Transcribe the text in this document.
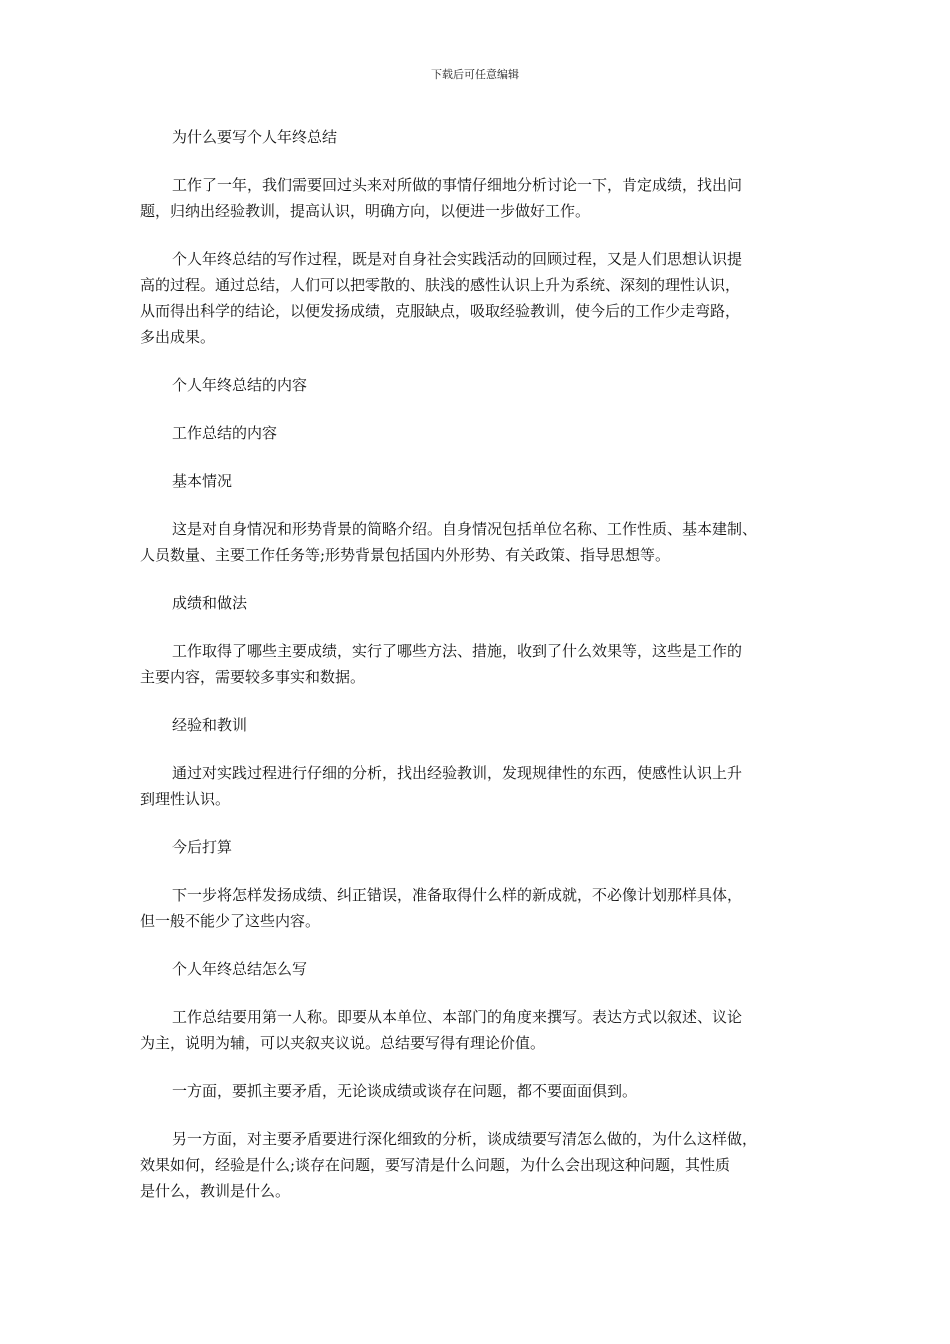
下载后可任意编辑
为什么要写个人年终总结
工作了一年，我们需要回过头来对所做的事情仔细地分析讨论一下，肯定成绩，找出问
题，归纳出经验教训，提高认识，明确方向，以便进一步做好工作。
个人年终总结的写作过程，既是对自身社会实践活动的回顾过程，又是人们思想认识提
高的过程。通过总结，人们可以把零散的、肤浅的感性认识上升为系统、深刻的理性认识，
从而得出科学的结论，以便发扬成绩，克服缺点，吸取经验教训，使今后的工作少走弯路，
多出成果。
个人年终总结的内容
工作总结的内容
基本情况
这是对自身情况和形势背景的简略介绍。自身情况包括单位名称、工作性质、基本建制、
人员数量、主要工作任务等;形势背景包括国内外形势、有关政策、指导思想等。
成绩和做法
工作取得了哪些主要成绩，实行了哪些方法、措施，收到了什么效果等，这些是工作的
主要内容，需要较多事实和数据。
经验和教训
通过对实践过程进行仔细的分析，找出经验教训，发现规律性的东西，使感性认识上升
到理性认识。
今后打算
下一步将怎样发扬成绩、纠正错误，准备取得什么样的新成就，不必像计划那样具体，
但一般不能少了这些内容。
个人年终总结怎么写
工作总结要用第一人称。即要从本单位、本部门的角度来撰写。表达方式以叙述、议论
为主，说明为辅，可以夹叙夹议说。总结要写得有理论价值。
一方面，要抓主要矛盾，无论谈成绩或谈存在问题，都不要面面俱到。
另一方面，对主要矛盾要进行深化细致的分析，谈成绩要写清怎么做的，为什么这样做，
效果如何，经验是什么;谈存在问题，要写清是什么问题，为什么会出现这种问题，其性质
是什么，教训是什么。
